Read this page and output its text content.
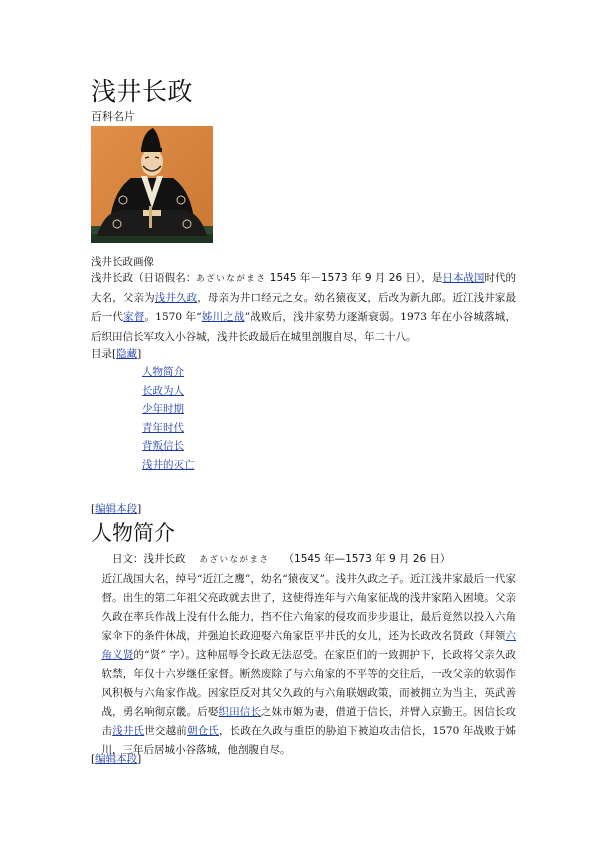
浅井长政
百科名片
浅井长政画像
浅井长政（日语假名：あざいながまさ 1545 年－1573 年 9 月 26 日），是日本战国时代的大名，父亲为浅井久政，母亲为井口经元之女。幼名猿夜叉，后改为新九郎。近江浅井家最后一代家督。1570 年“姊川之战”战败后，浅井家势力逐渐衰弱。1973 年在小谷城落城，后织田信长军攻入小谷城，浅井长政最后在城里剖腹自尽，年二十八。
目录[隐藏]
人物简介
长政为人
少年时期
青年时代
背叛信长
浅井的灭亡
[编辑本段]
人物简介

日文：浅井长政 あざいながまさ （1545 年—1573 年 9 月 26 日）

近江战国大名，绰号“近江之鹰”，幼名“猿夜叉”。浅井久政之子。近江浅井家最后一代家督。出生的第二年祖父亮政就去世了，这使得连年与六角家征战的浅井家陷入困境。父亲久政在率兵作战上没有什么能力，挡不住六角家的侵攻而步步退让，最后竟然以投入六角家伞下的条件休战，并强迫长政迎娶六角家臣平井氏的女儿，还为长政改名贤政（拜领六角义贤的“贤” 字）。这种屈辱令长政无法忍受。在家臣们的一致拥护下，长政将父亲久政软禁，年仅十六岁继任家督。断然废除了与六角家的不平等的交往后，一改父亲的软弱作风积极与六角家作战。因家臣反对其父久政的与六角联姻政策，而被拥立为当主，英武善战，勇名响彻京畿。后娶织田信长之妹市姬为妻，借道于信长，并臂入京勤王。因信长攻击浅井氏世交越前朝仓氏，长政在久政与重臣的胁迫下被迫攻击信长，1570 年战败于姊川，三年后居城小谷落城，他剖腹自尽。

[编辑本段]
